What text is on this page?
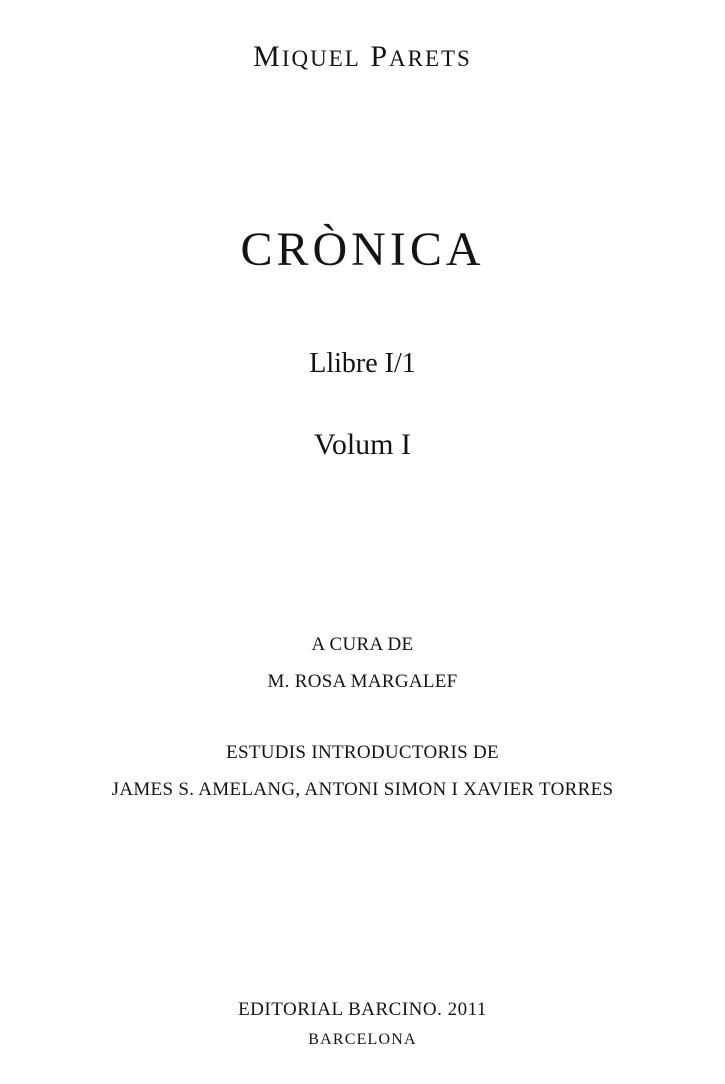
MIQUEL PARETS
CRÒNICA
Llibre I/1
Volum I
A CURA DE
M. ROSA MARGALEF
ESTUDIS INTRODUCTORIS DE
JAMES S. AMELANG, ANTONI SIMON I XAVIER TORRES
EDITORIAL BARCINO. 2011
BARCELONA
